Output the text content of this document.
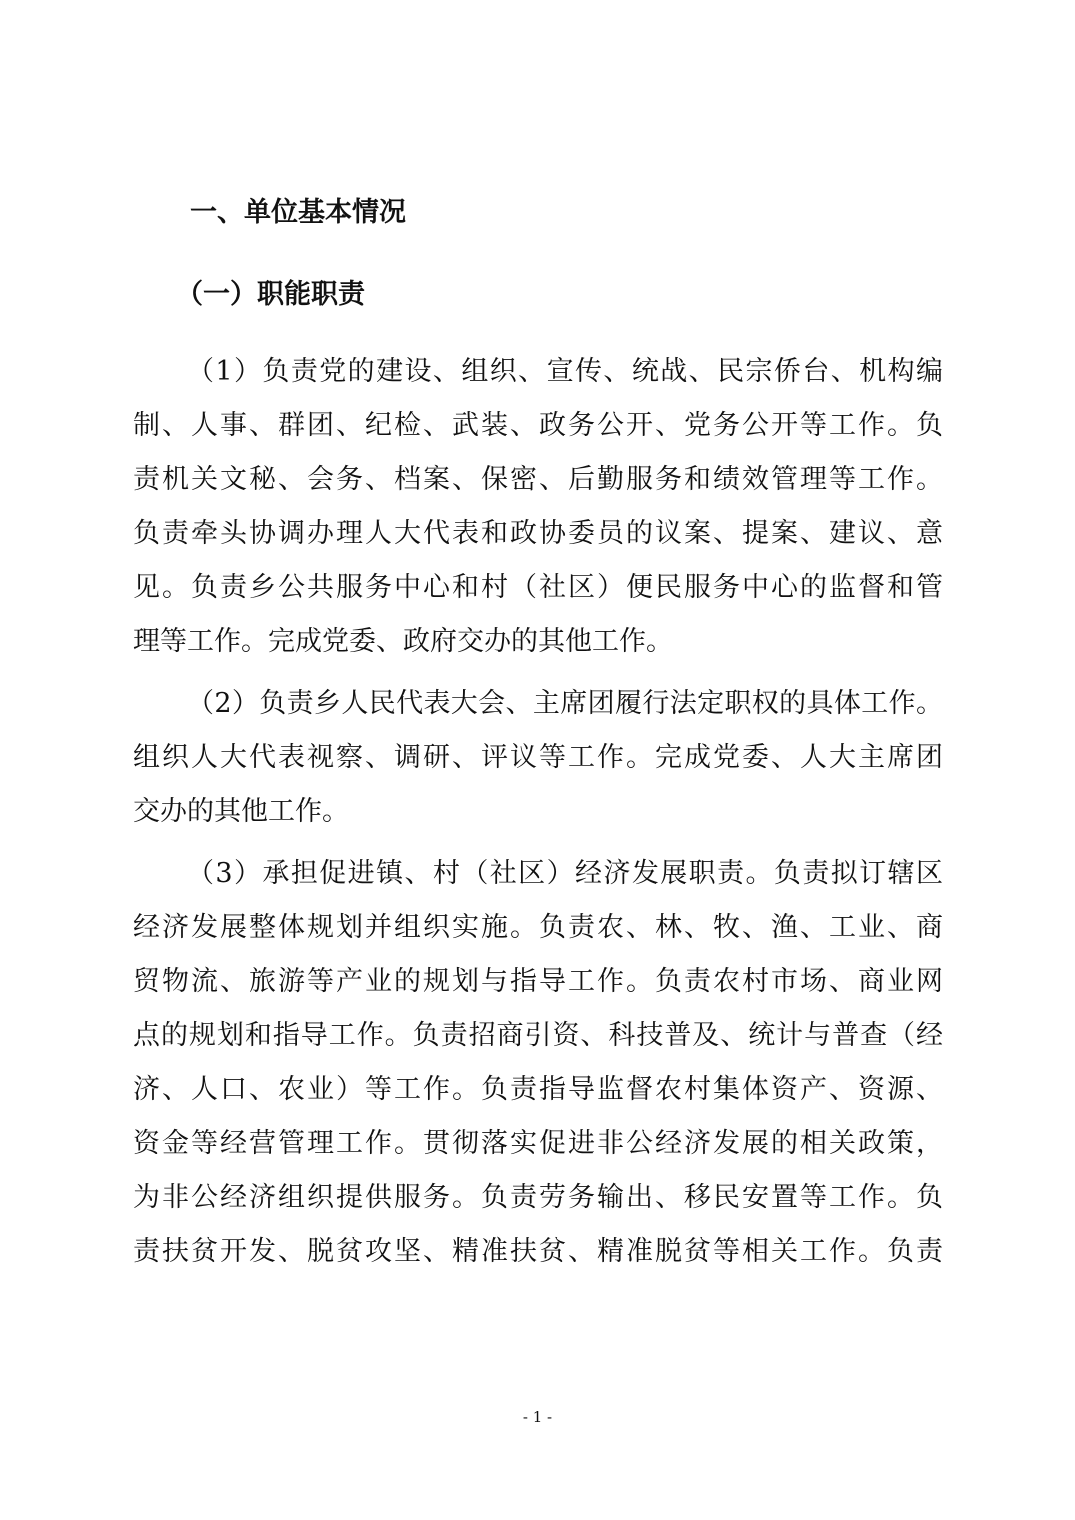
一、单位基本情况
（一）职能职责
（1）负责党的建设、组织、宣传、统战、民宗侨台、机构编
制、人事、群团、纪检、武装、政务公开、党务公开等工作。负
责机关文秘、会务、档案、保密、后勤服务和绩效管理等工作。
负责牵头协调办理人大代表和政协委员的议案、提案、建议、意
见。负责乡公共服务中心和村（社区）便民服务中心的监督和管
理等工作。完成党委、政府交办的其他工作。
（2）负责乡人民代表大会、主席团履行法定职权的具体工作。
组织人大代表视察、调研、评议等工作。完成党委、人大主席团
交办的其他工作。
（3）承担促进镇、村（社区）经济发展职责。负责拟订辖区
经济发展整体规划并组织实施。负责农、林、牧、渔、工业、商
贸物流、旅游等产业的规划与指导工作。负责农村市场、商业网
点的规划和指导工作。负责招商引资、科技普及、统计与普查（经
济、人口、农业）等工作。负责指导监督农村集体资产、资源、
资金等经营管理工作。贯彻落实促进非公经济发展的相关政策，
为非公经济组织提供服务。负责劳务输出、移民安置等工作。负
责扶贫开发、脱贫攻坚、精准扶贫、精准脱贫等相关工作。负责
- 1 -
